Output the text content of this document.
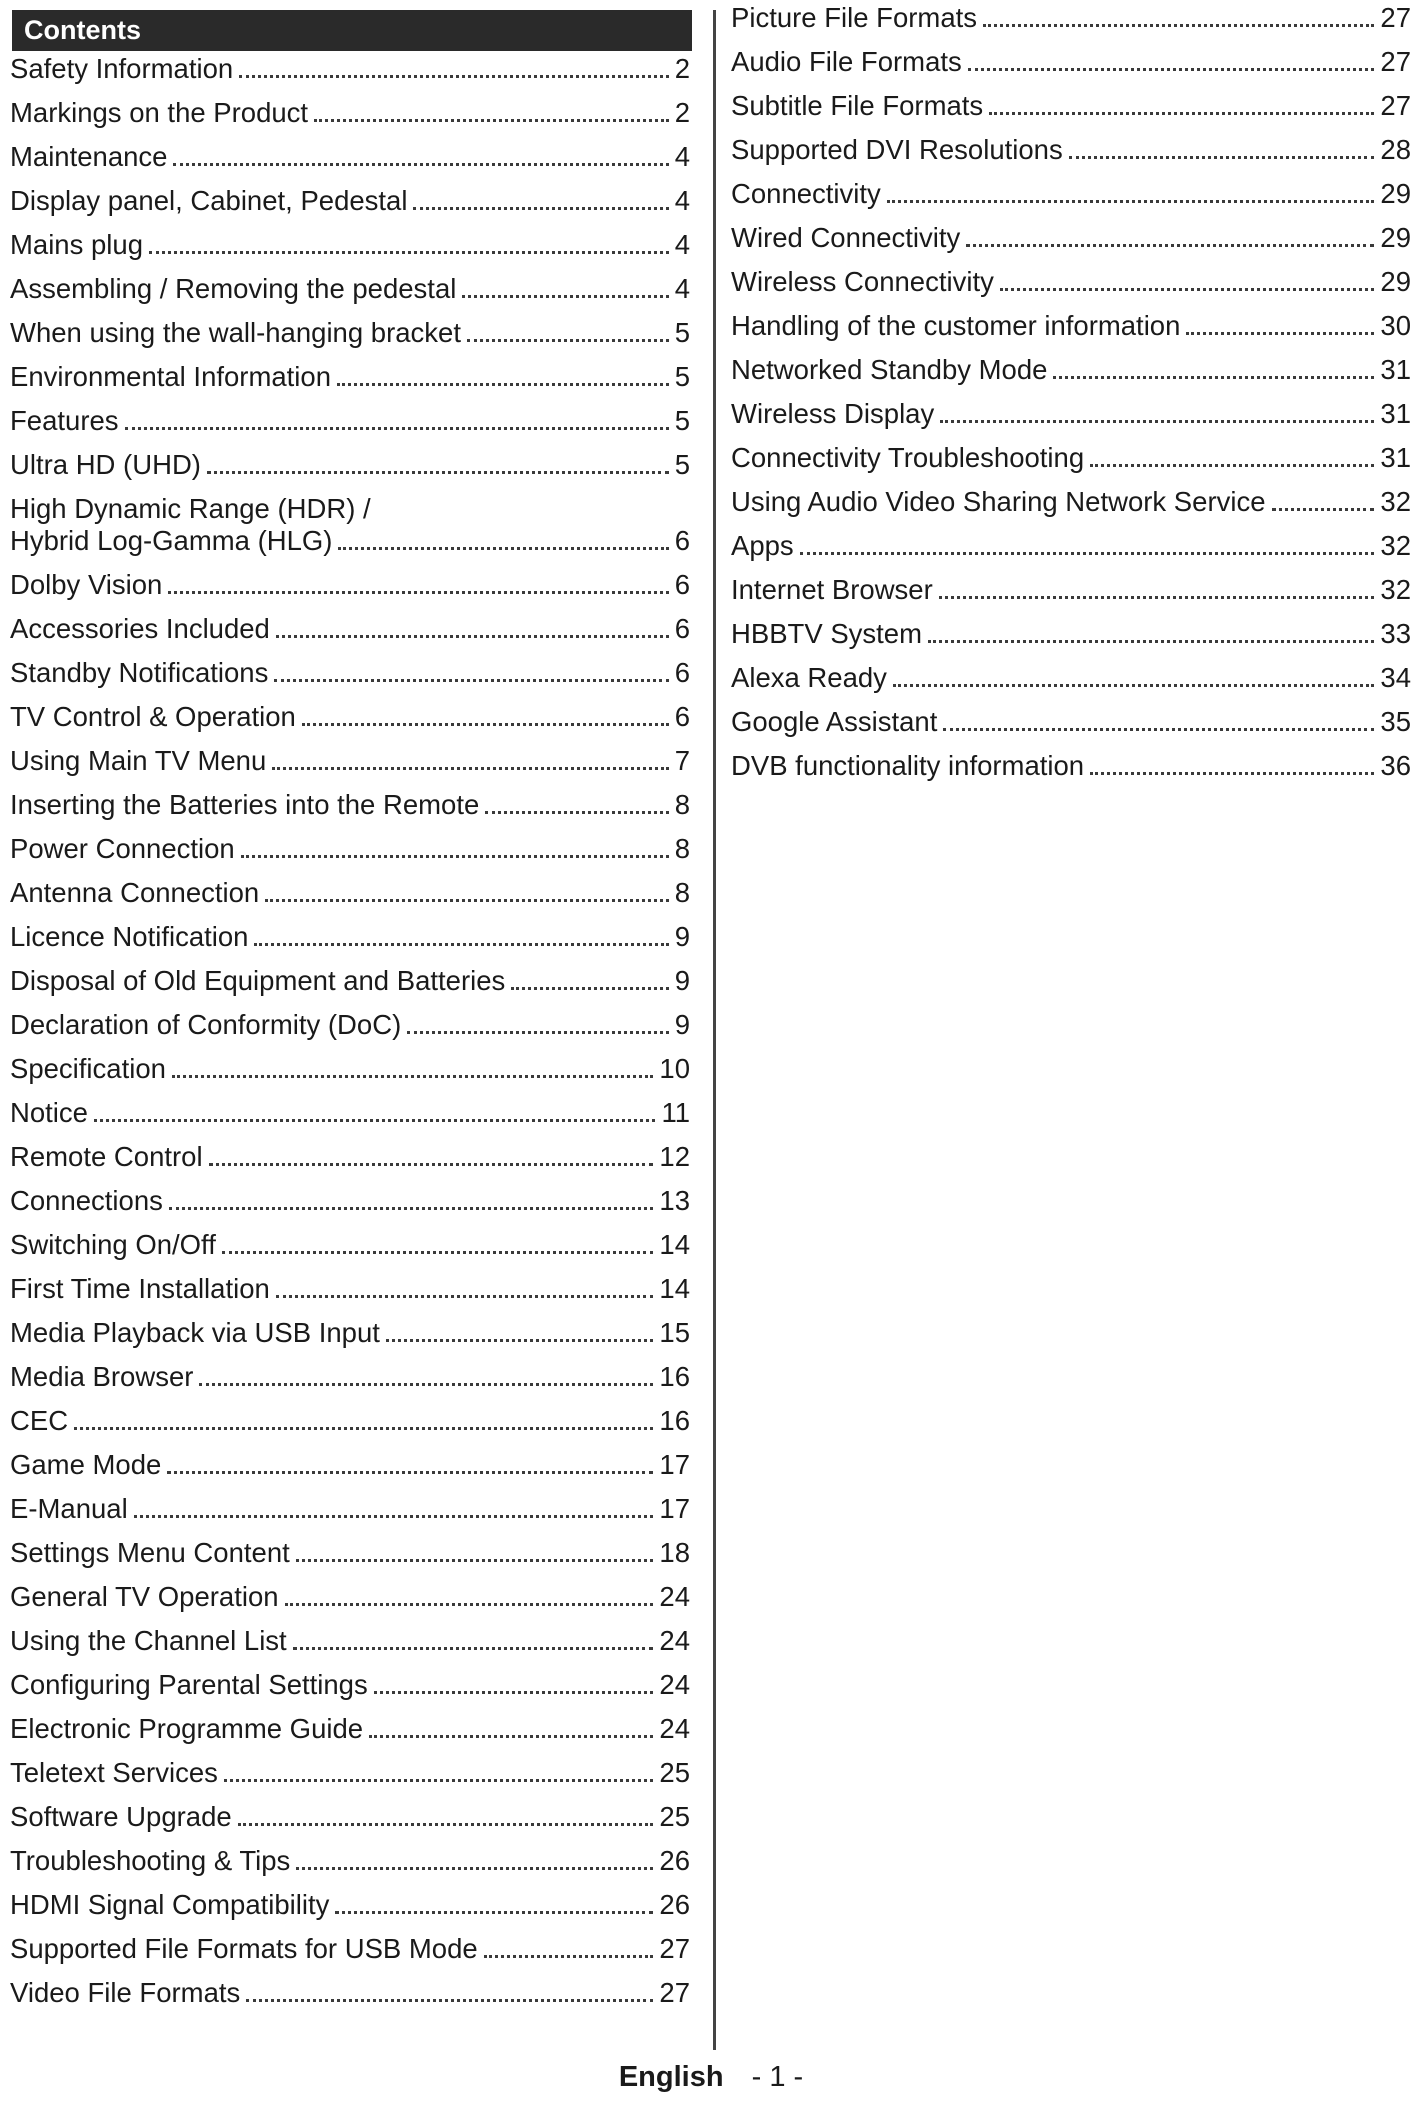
Contents
Safety Information	2
Markings on the Product	2
Maintenance	4
Display panel, Cabinet, Pedestal	4
Mains plug	4
Assembling / Removing the pedestal	4
When using the wall-hanging bracket	5
Environmental Information	5
Features	5
Ultra HD (UHD)	5
High Dynamic Range (HDR) /
Hybrid Log-Gamma (HLG)	6
Dolby Vision	6
Accessories Included	6
Standby Notifications	6
TV Control & Operation	6
Using Main TV Menu	7
Inserting the Batteries into the Remote	8
Power Connection	8
Antenna Connection	8
Licence Notification	9
Disposal of Old Equipment and Batteries	9
Declaration of Conformity (DoC)	9
Specification	10
Notice	11
Remote Control	12
Connections	13
Switching On/Off	14
First Time Installation	14
Media Playback via USB Input	15
Media Browser	16
CEC	16
Game Mode	17
E-Manual	17
Settings Menu Content	18
General TV Operation	24
Using the Channel List	24
Configuring Parental Settings	24
Electronic Programme Guide	24
Teletext Services	25
Software Upgrade	25
Troubleshooting & Tips	26
HDMI Signal Compatibility	26
Supported File Formats for USB Mode	27
Video File Formats	27
Picture File Formats	27
Audio File Formats	27
Subtitle File Formats	27
Supported DVI Resolutions	28
Connectivity	29
Wired Connectivity	29
Wireless Connectivity	29
Handling of the customer information	30
Networked Standby Mode	31
Wireless Display	31
Connectivity Troubleshooting	31
Using Audio Video Sharing Network Service	32
Apps	32
Internet Browser	32
HBBTV System	33
Alexa Ready	34
Google Assistant	35
DVB functionality information	36
English - 1 -
